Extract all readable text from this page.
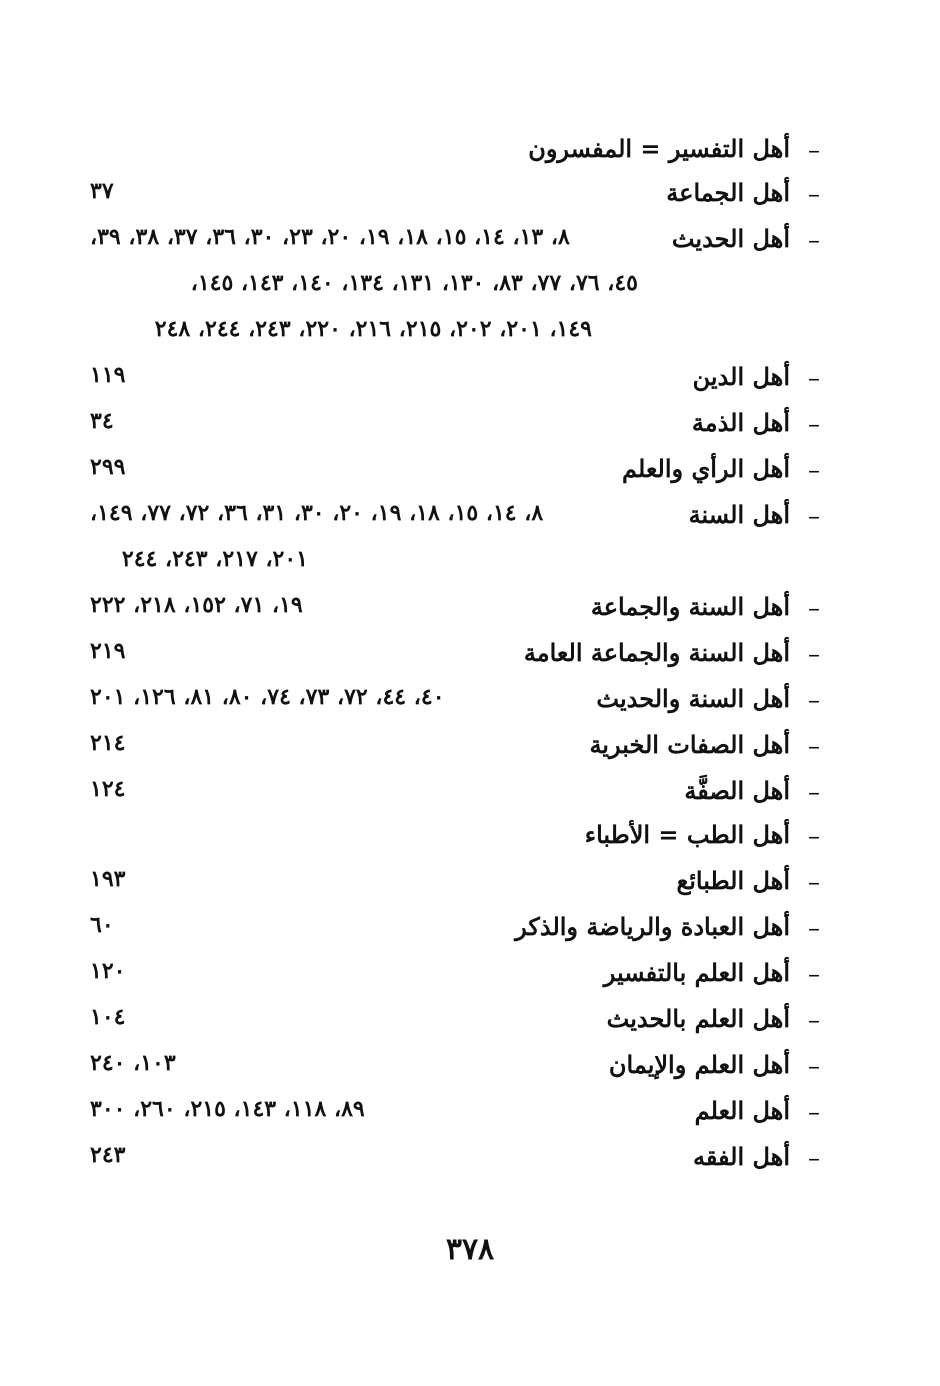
–
أهل التفسير = المفسرون
–
أهل الجماعة
٣٧
–
أهل الحديث
٨، ١٣، ١٤، ١٥، ١٨، ١٩، ٢٠، ٢٣، ٣٠، ٣٦، ٣٧، ٣٨، ٣٩،
٤٥، ٧٦، ٧٧، ٨٣، ١٣٠، ١٣١، ١٣٤، ١٤٠، ١٤٣، ١٤٥،
١٤٩، ٢٠١، ٢٠٢، ٢١٥، ٢١٦، ٢٢٠، ٢٤٣، ٢٤٤، ٢٤٨
–
أهل الدين
١١٩
–
أهل الذمة
٣٤
–
أهل الرأي والعلم
٢٩٩
–
أهل السنة
٨، ١٤، ١٥، ١٨، ١٩، ٢٠، ٣٠، ٣١، ٣٦، ٧٢، ٧٧، ١٤٩،
٢٠١، ٢١٧، ٢٤٣، ٢٤٤
–
أهل السنة والجماعة
١٩، ٧١، ١٥٢، ٢١٨، ٢٢٢
–
أهل السنة والجماعة العامة
٢١٩
–
أهل السنة والحديث
٤٠، ٤٤، ٧٢، ٧٣، ٧٤، ٨٠، ٨١، ١٢٦، ٢٠١
–
أهل الصفات الخبرية
٢١٤
–
أهل الصفَّة
١٢٤
–
أهل الطب = الأطباء
–
أهل الطبائع
١٩٣
–
أهل العبادة والرياضة والذكر
٦٠
–
أهل العلم بالتفسير
١٢٠
–
أهل العلم بالحديث
١٠٤
–
أهل العلم والإيمان
١٠٣، ٢٤٠
–
أهل العلم
٨٩، ١١٨، ١٤٣، ٢١٥، ٢٦٠، ٣٠٠
–
أهل الفقه
٢٤٣
٣٧٨
